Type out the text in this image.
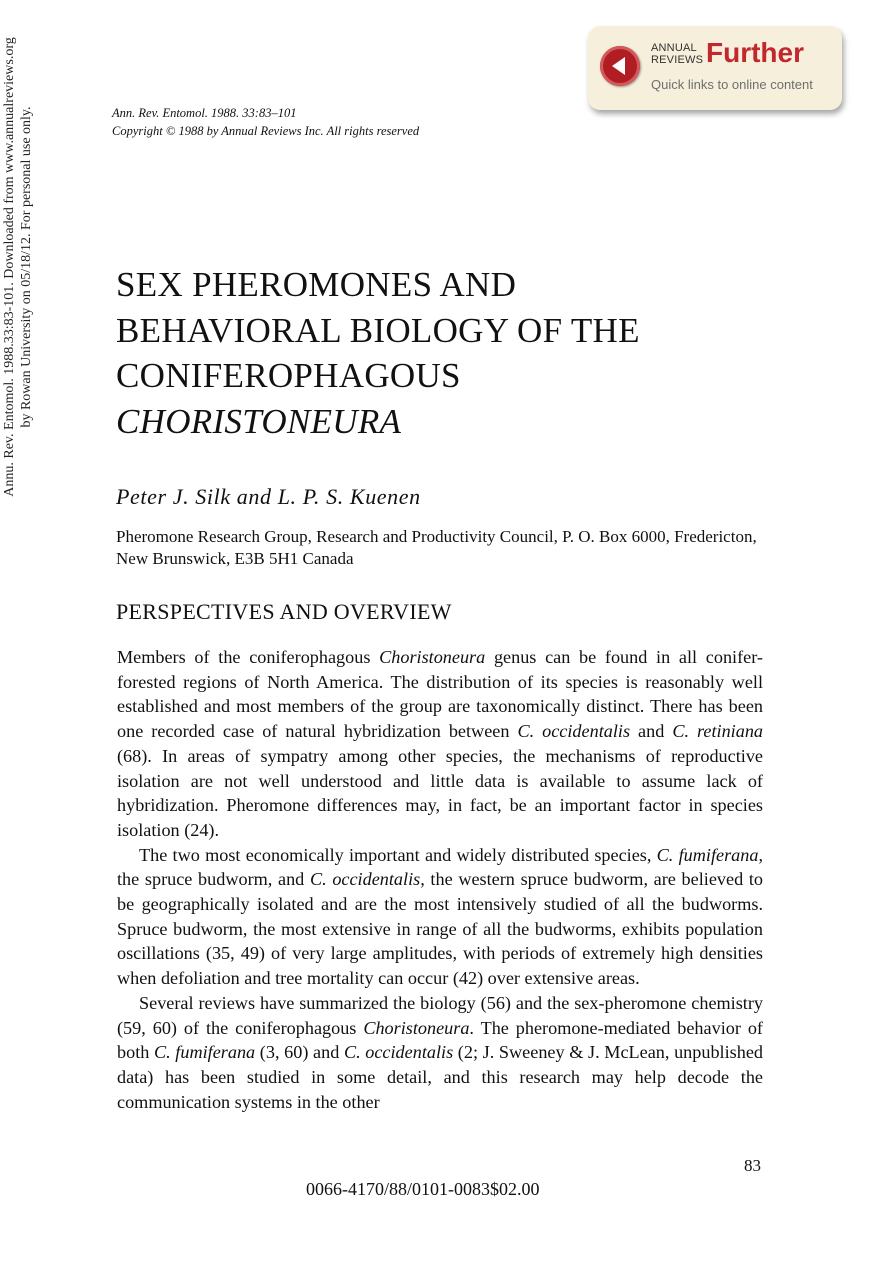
Ann. Rev. Entomol. 1988. 33:83–101
Copyright © 1988 by Annual Reviews Inc. All rights reserved
ANNUAL
REVIEWS Further
Quick links to online content
Annu. Rev. Entomol. 1988.33:83-101. Downloaded from www.annualreviews.org by Rowan University on 05/18/12. For personal use only. SEX PHEROMONES AND
BEHAVIORAL BIOLOGY OF THE
CONIFEROPHAGOUS
CHORISTONEURA
Peter J. Silk and L. P. S. Kuenen
Pheromone Research Group, Research and Productivity Council, P. O. Box 6000, Fredericton, New Brunswick, E3B 5H1 Canada
PERSPECTIVES AND OVERVIEW

Members of the coniferophagous Choristoneura genus can be found in all conifer-forested regions of North America. The distribution of its species is reasonably well established and most members of the group are taxonomically distinct. There has been one recorded case of natural hybridization between C. occidentalis and C. retiniana (68). In areas of sympatry among other species, the mechanisms of reproductive isolation are not well understood and little data is available to assume lack of hybridization. Pheromone differences may, in fact, be an important factor in species isolation (24).

The two most economically important and widely distributed species, C. fumiferana, the spruce budworm, and C. occidentalis, the western spruce budworm, are believed to be geographically isolated and are the most intensively studied of all the budworms. Spruce budworm, the most extensive in range of all the budworms, exhibits population oscillations (35, 49) of very large amplitudes, with periods of extremely high densities when defoliation and tree mortality can occur (42) over extensive areas.

Several reviews have summarized the biology (56) and the sex-pheromone chemistry (59, 60) of the coniferophagous Choristoneura. The pheromone-mediated behavior of both C. fumiferana (3, 60) and C. occidentalis (2; J. Sweeney & J. McLean, unpublished data) has been studied in some detail, and this research may help decode the communication systems in the other

83
0066-4170/88/0101-0083$02.00
